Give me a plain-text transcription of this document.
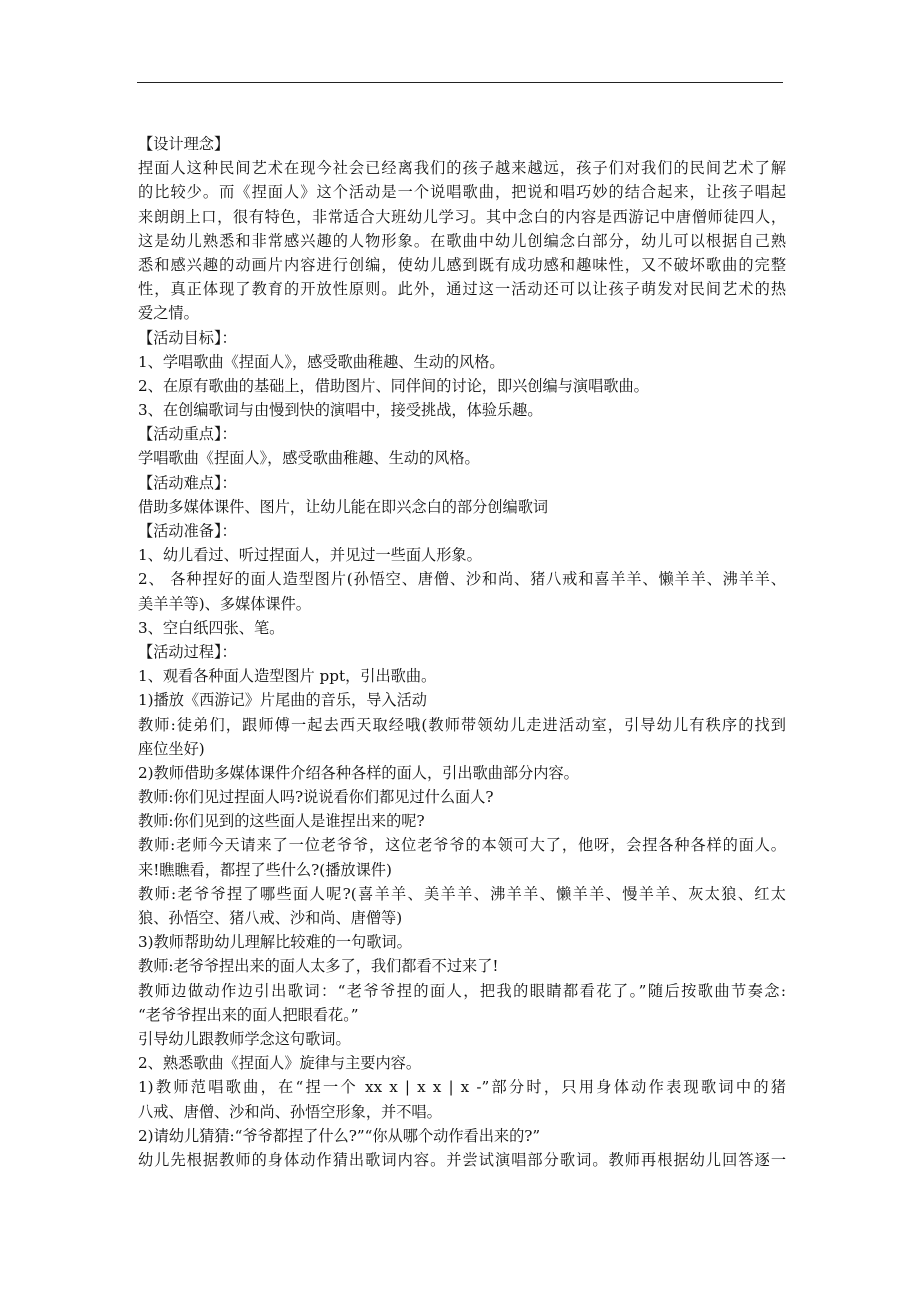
【设计理念】
捏面人这种民间艺术在现今社会已经离我们的孩子越来越远，孩子们对我们的民间艺术了解
的比较少。而《捏面人》这个活动是一个说唱歌曲，把说和唱巧妙的结合起来，让孩子唱起
来朗朗上口，很有特色，非常适合大班幼儿学习。其中念白的内容是西游记中唐僧师徒四人，
这是幼儿熟悉和非常感兴趣的人物形象。在歌曲中幼儿创编念白部分，幼儿可以根据自己熟
悉和感兴趣的动画片内容进行创编，使幼儿感到既有成功感和趣味性，又不破坏歌曲的完整
性，真正体现了教育的开放性原则。此外，通过这一活动还可以让孩子萌发对民间艺术的热
爱之情。
【活动目标】：
1、学唱歌曲《捏面人》，感受歌曲稚趣、生动的风格。
2、在原有歌曲的基础上，借助图片、同伴间的讨论，即兴创编与演唱歌曲。
3、在创编歌词与由慢到快的演唱中，接受挑战，体验乐趣。
【活动重点】：
学唱歌曲《捏面人》，感受歌曲稚趣、生动的风格。
【活动难点】：
借助多媒体课件、图片，让幼儿能在即兴念白的部分创编歌词
【活动准备】：
1、幼儿看过、听过捏面人，并见过一些面人形象。
2、 各种捏好的面人造型图片(孙悟空、唐僧、沙和尚、猪八戒和喜羊羊、懒羊羊、沸羊羊、
美羊羊等)、多媒体课件。
3、空白纸四张、笔。
【活动过程】：
1、观看各种面人造型图片 ppt，引出歌曲。
1)播放《西游记》片尾曲的音乐，导入活动
教师:徒弟们，跟师傅一起去西天取经哦(教师带领幼儿走进活动室，引导幼儿有秩序的找到
座位坐好)
2)教师借助多媒体课件介绍各种各样的面人，引出歌曲部分内容。
教师:你们见过捏面人吗?说说看你们都见过什么面人?
教师:你们见到的这些面人是谁捏出来的呢?
教师:老师今天请来了一位老爷爷，这位老爷爷的本领可大了，他呀，会捏各种各样的面人。
来!瞧瞧看，都捏了些什么?(播放课件)
教师:老爷爷捏了哪些面人呢?(喜羊羊、美羊羊、沸羊羊、懒羊羊、慢羊羊、灰太狼、红太
狼、孙悟空、猪八戒、沙和尚、唐僧等)
3)教师帮助幼儿理解比较难的一句歌词。
教师:老爷爷捏出来的面人太多了，我们都看不过来了!
教师边做动作边引出歌词：“老爷爷捏的面人，把我的眼睛都看花了。”随后按歌曲节奏念:
“老爷爷捏出来的面人把眼看花。”
引导幼儿跟教师学念这句歌词。
2、熟悉歌曲《捏面人》旋律与主要内容。
1)教师范唱歌曲，在“捏一个 xx x | x x | x -”部分时，只用身体动作表现歌词中的猪
八戒、唐僧、沙和尚、孙悟空形象，并不唱。
2)请幼儿猜猜:“爷爷都捏了什么?”“你从哪个动作看出来的?”
幼儿先根据教师的身体动作猜出歌词内容。并尝试演唱部分歌词。教师再根据幼儿回答逐一
